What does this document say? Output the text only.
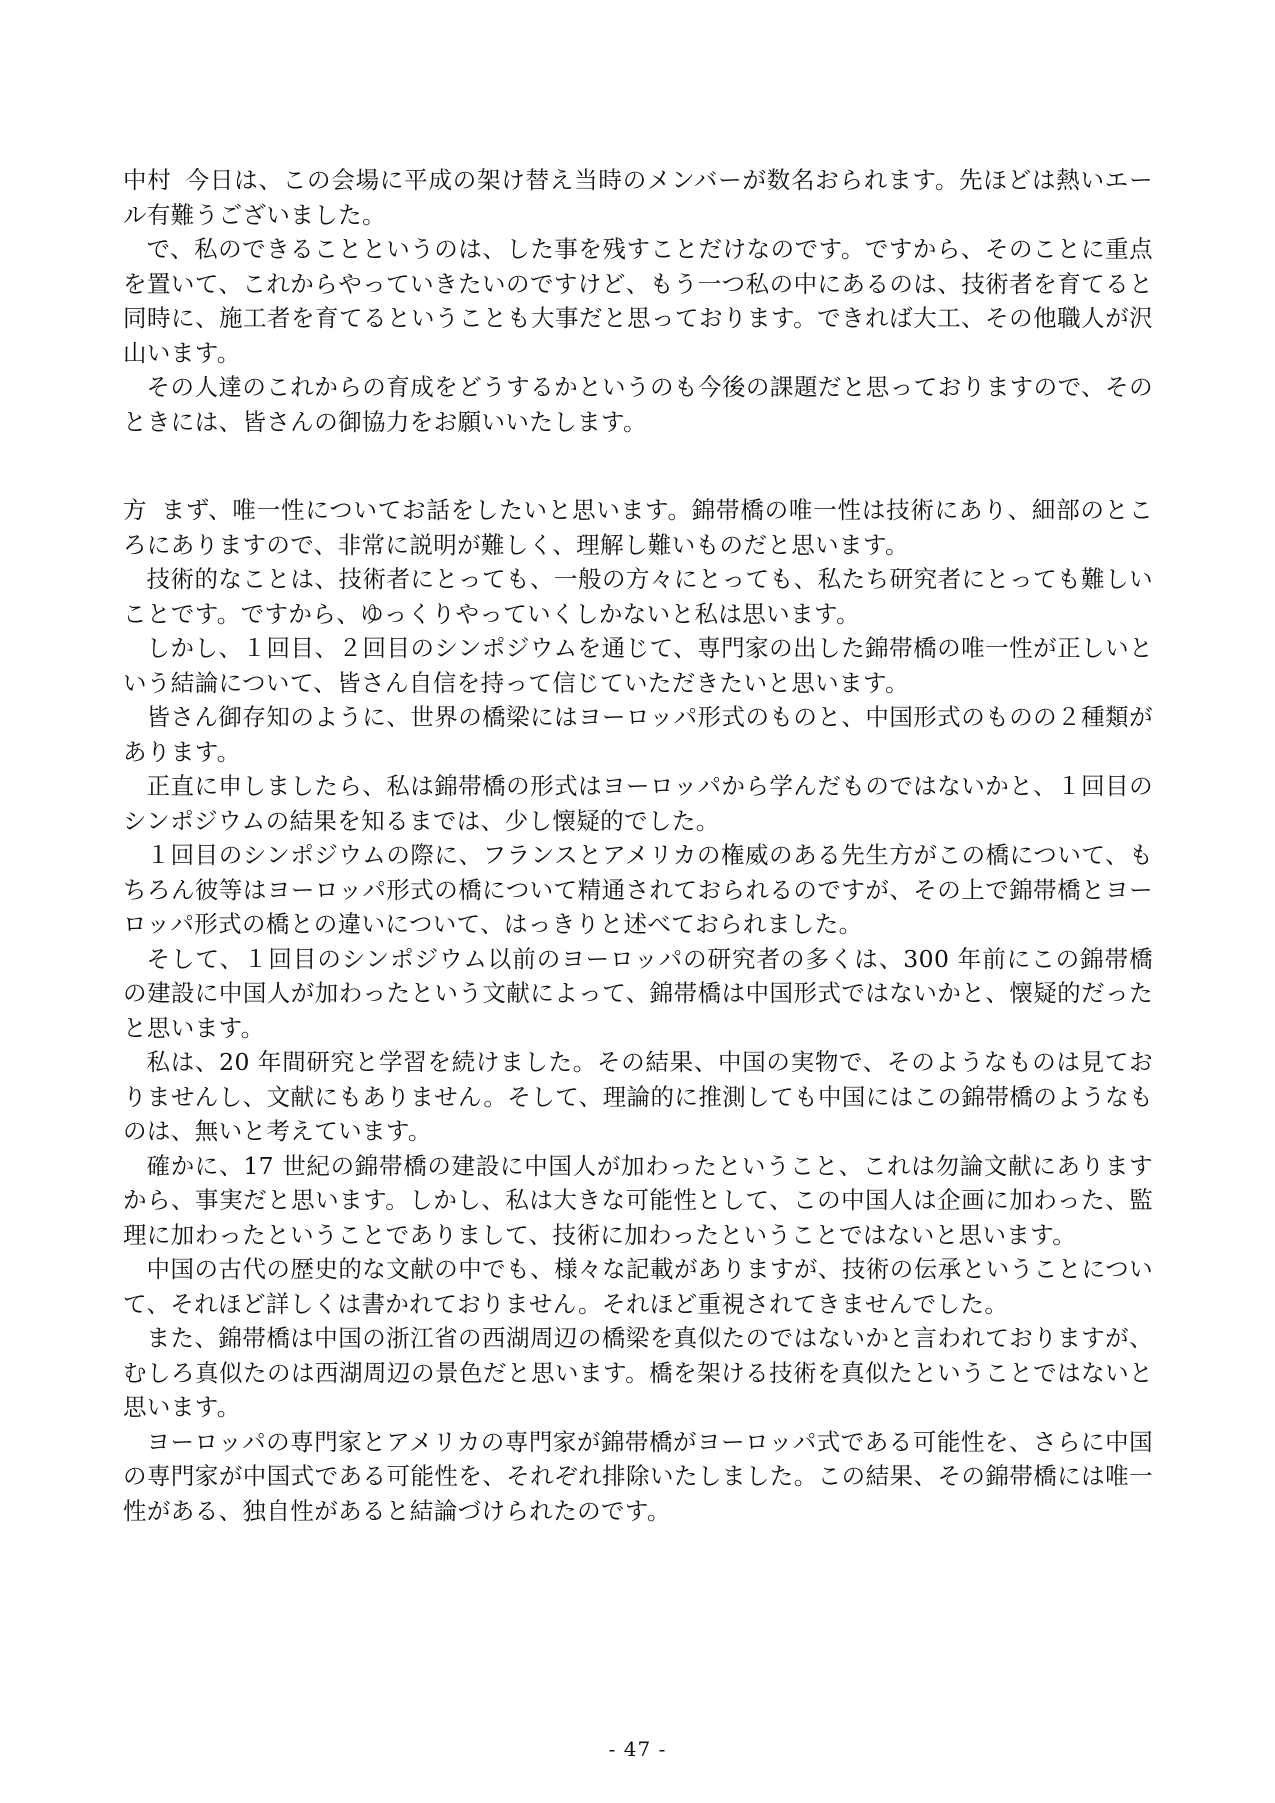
中村 今日は、この会場に平成の架け替え当時のメンバーが数名おられます。先ほどは熱いエール有難うございました。

で、私のできることというのは、した事を残すことだけなのです。ですから、そのことに重点を置いて、これからやっていきたいのですけど、もう一つ私の中にあるのは、技術者を育てると同時に、施工者を育てるということも大事だと思っております。できれば大工、その他職人が沢山います。

その人達のこれからの育成をどうするかというのも今後の課題だと思っておりますので、そのときには、皆さんの御協力をお願いいたします。

方 まず、唯一性についてお話をしたいと思います。錦帯橋の唯一性は技術にあり、細部のところにありますので、非常に説明が難しく、理解し難いものだと思います。

技術的なことは、技術者にとっても、一般の方々にとっても、私たち研究者にとっても難しいことです。ですから、ゆっくりやっていくしかないと私は思います。

しかし、１回目、２回目のシンポジウムを通じて、専門家の出した錦帯橋の唯一性が正しいという結論について、皆さん自信を持って信じていただきたいと思います。

皆さん御存知のように、世界の橋梁にはヨーロッパ形式のものと、中国形式のものの２種類があります。

正直に申しましたら、私は錦帯橋の形式はヨーロッパから学んだものではないかと、１回目のシンポジウムの結果を知るまでは、少し懐疑的でした。

１回目のシンポジウムの際に、フランスとアメリカの権威のある先生方がこの橋について、もちろん彼等はヨーロッパ形式の橋について精通されておられるのですが、その上で錦帯橋とヨーロッパ形式の橋との違いについて、はっきりと述べておられました。

そして、１回目のシンポジウム以前のヨーロッパの研究者の多くは、300 年前にこの錦帯橋の建設に中国人が加わったという文献によって、錦帯橋は中国形式ではないかと、懐疑的だったと思います。

私は、20 年間研究と学習を続けました。その結果、中国の実物で、そのようなものは見ておりませんし、文献にもありません。そして、理論的に推測しても中国にはこの錦帯橋のようなものは、無いと考えています。

確かに、17 世紀の錦帯橋の建設に中国人が加わったということ、これは勿論文献にありますから、事実だと思います。しかし、私は大きな可能性として、この中国人は企画に加わった、監理に加わったということでありまして、技術に加わったということではないと思います。

中国の古代の歴史的な文献の中でも、様々な記載がありますが、技術の伝承ということについて、それほど詳しくは書かれておりません。それほど重視されてきませんでした。

また、錦帯橋は中国の浙江省の西湖周辺の橋梁を真似たのではないかと言われておりますが、むしろ真似たのは西湖周辺の景色だと思います。橋を架ける技術を真似たということではないと思います。

ヨーロッパの専門家とアメリカの専門家が錦帯橋がヨーロッパ式である可能性を、さらに中国の専門家が中国式である可能性を、それぞれ排除いたしました。この結果、その錦帯橋には唯一性がある、独自性があると結論づけられたのです。

- 47 -
